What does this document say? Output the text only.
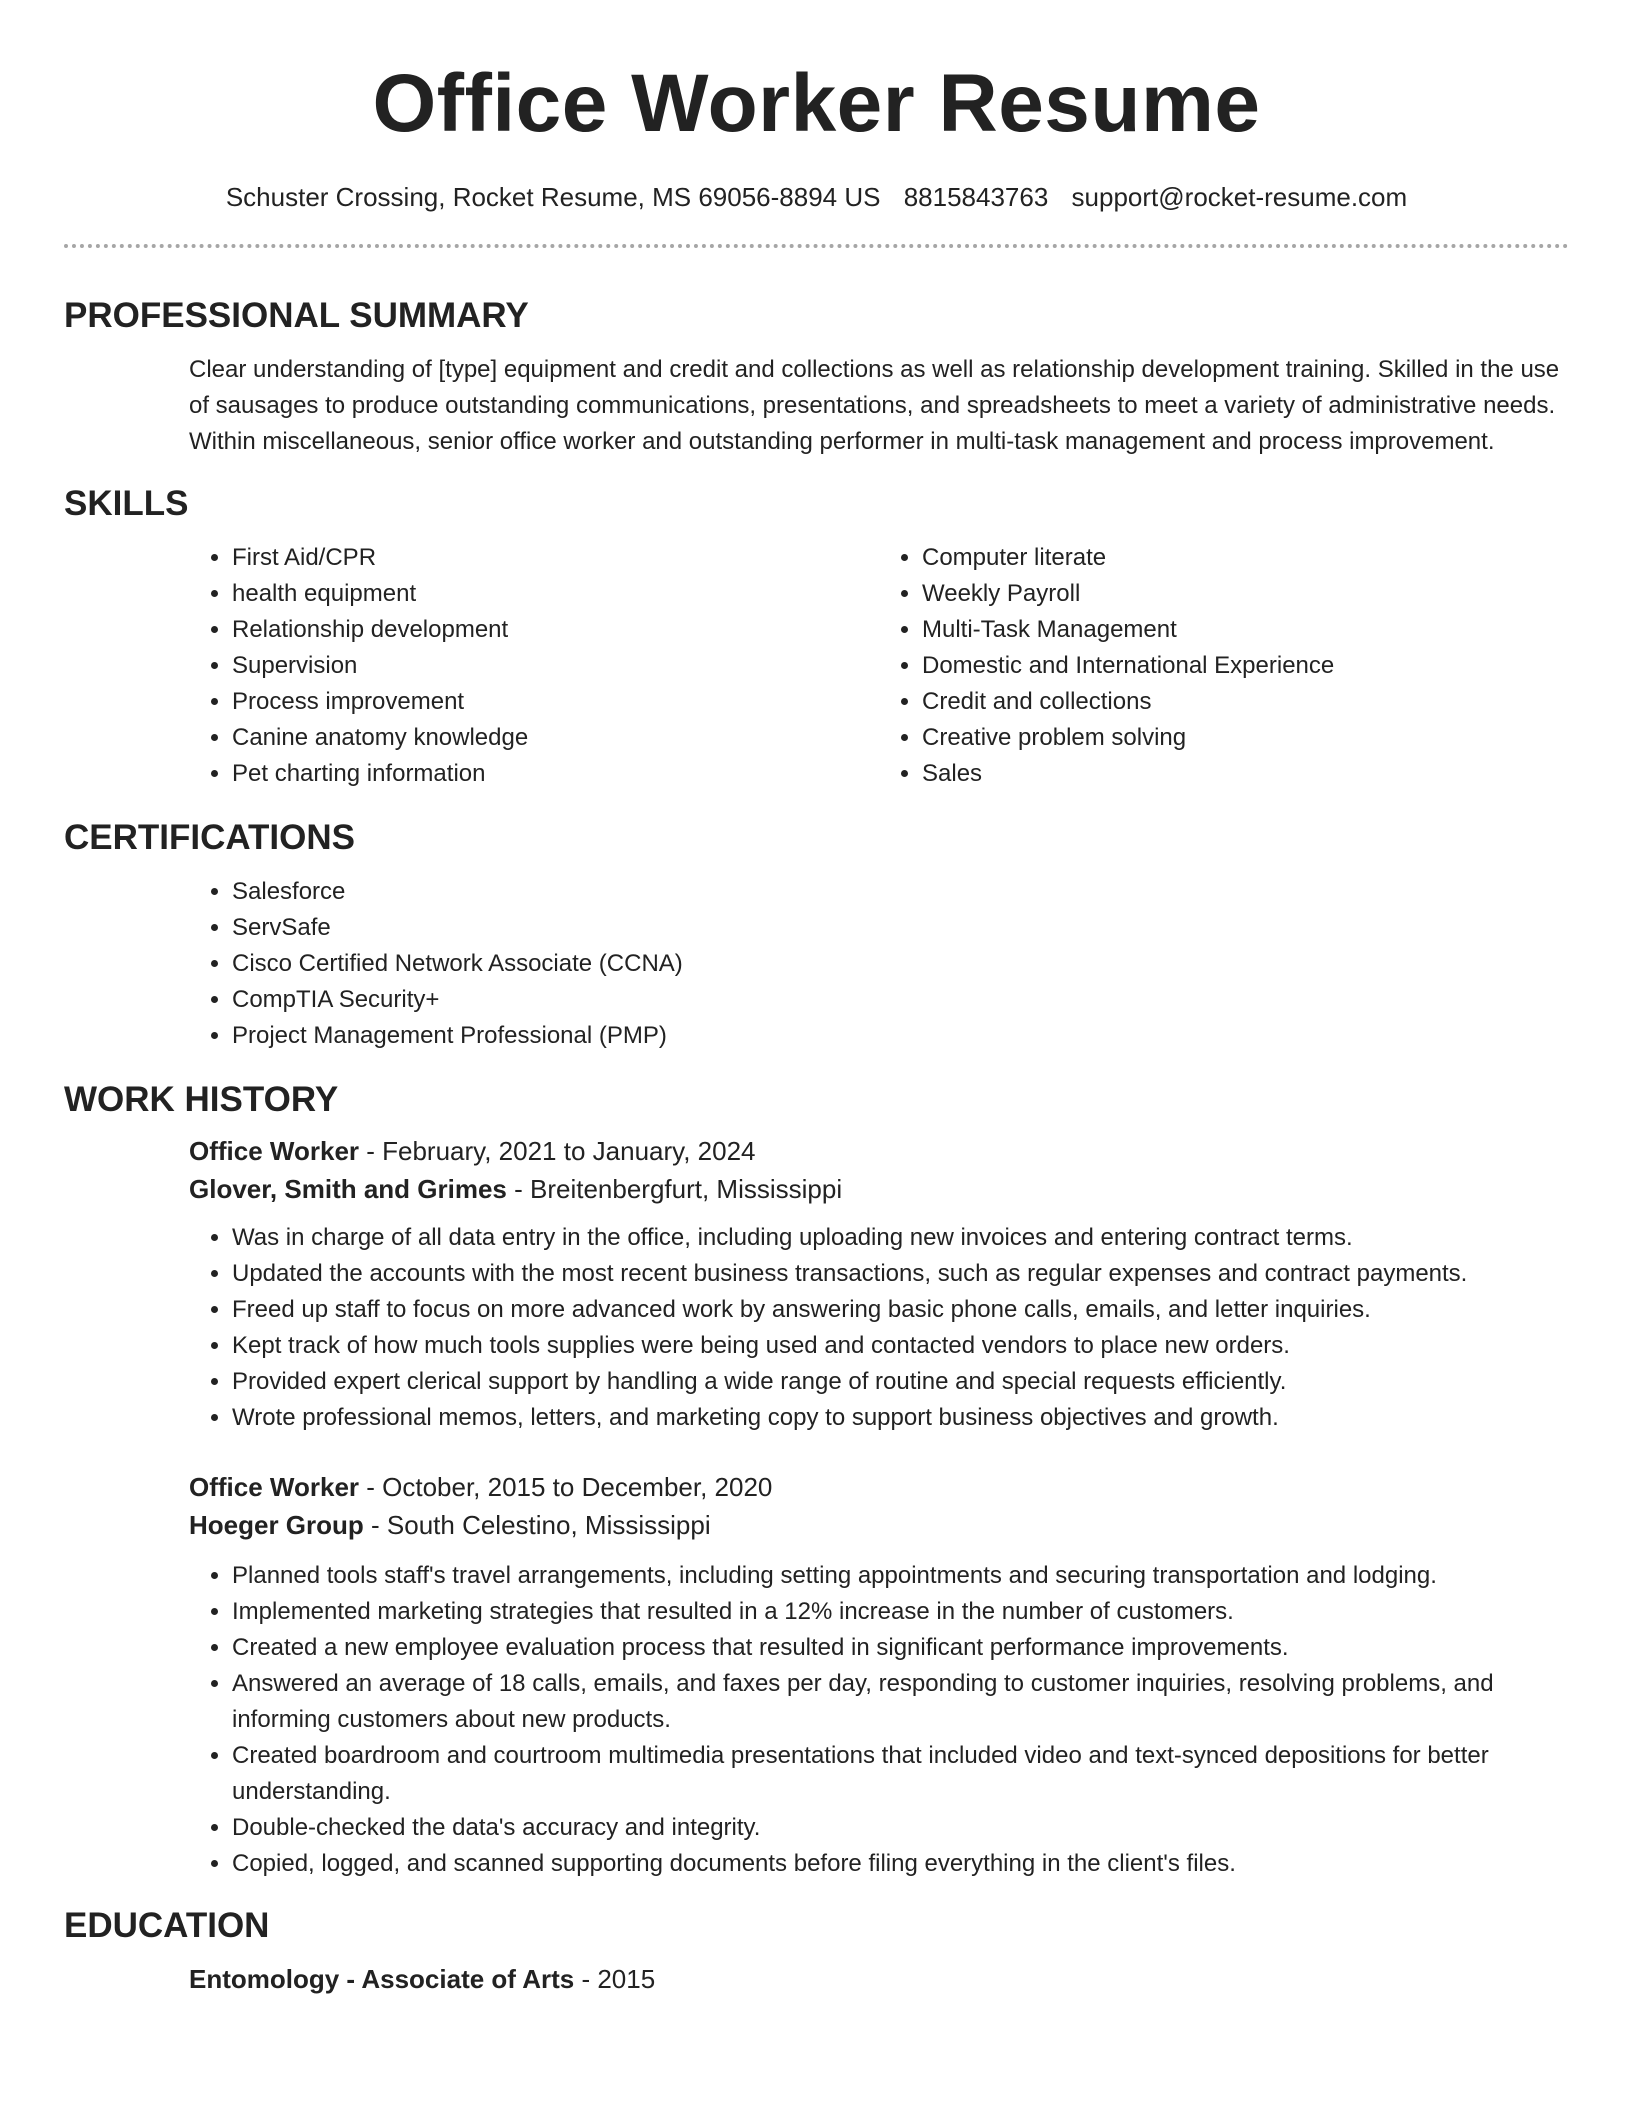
Office Worker Resume
Schuster Crossing, Rocket Resume, MS 69056-8894 US 8815843763 support@rocket-resume.com
PROFESSIONAL SUMMARY

Clear understanding of [type] equipment and credit and collections as well as relationship development training. Skilled in the use of sausages to produce outstanding communications, presentations, and spreadsheets to meet a variety of administrative needs. Within miscellaneous, senior office worker and outstanding performer in multi-task management and process improvement.

SKILLS
• First Aid/CPR
• health equipment
• Relationship development
• Supervision
• Process improvement
• Canine anatomy knowledge
• Pet charting information
• Computer literate
• Weekly Payroll
• Multi-Task Management
• Domestic and International Experience
• Credit and collections
• Creative problem solving
• Sales
CERTIFICATIONS
• Salesforce
• ServSafe
• Cisco Certified Network Associate (CCNA)
• CompTIA Security+
• Project Management Professional (PMP)
WORK HISTORY
Office Worker - February, 2021 to January, 2024
Glover, Smith and Grimes - Breitenbergfurt, Mississippi
• Was in charge of all data entry in the office, including uploading new invoices and entering contract terms.
• Updated the accounts with the most recent business transactions, such as regular expenses and contract payments.
• Freed up staff to focus on more advanced work by answering basic phone calls, emails, and letter inquiries.
• Kept track of how much tools supplies were being used and contacted vendors to place new orders.
• Provided expert clerical support by handling a wide range of routine and special requests efficiently.
• Wrote professional memos, letters, and marketing copy to support business objectives and growth.
Office Worker - October, 2015 to December, 2020
Hoeger Group - South Celestino, Mississippi
• Planned tools staff's travel arrangements, including setting appointments and securing transportation and lodging.
• Implemented marketing strategies that resulted in a 12% increase in the number of customers.
• Created a new employee evaluation process that resulted in significant performance improvements.
• Answered an average of 18 calls, emails, and faxes per day, responding to customer inquiries, resolving problems, and informing customers about new products.
• Created boardroom and courtroom multimedia presentations that included video and text-synced depositions for better understanding.
• Double-checked the data's accuracy and integrity.
• Copied, logged, and scanned supporting documents before filing everything in the client's files.
EDUCATION
Entomology - Associate of Arts - 2015
